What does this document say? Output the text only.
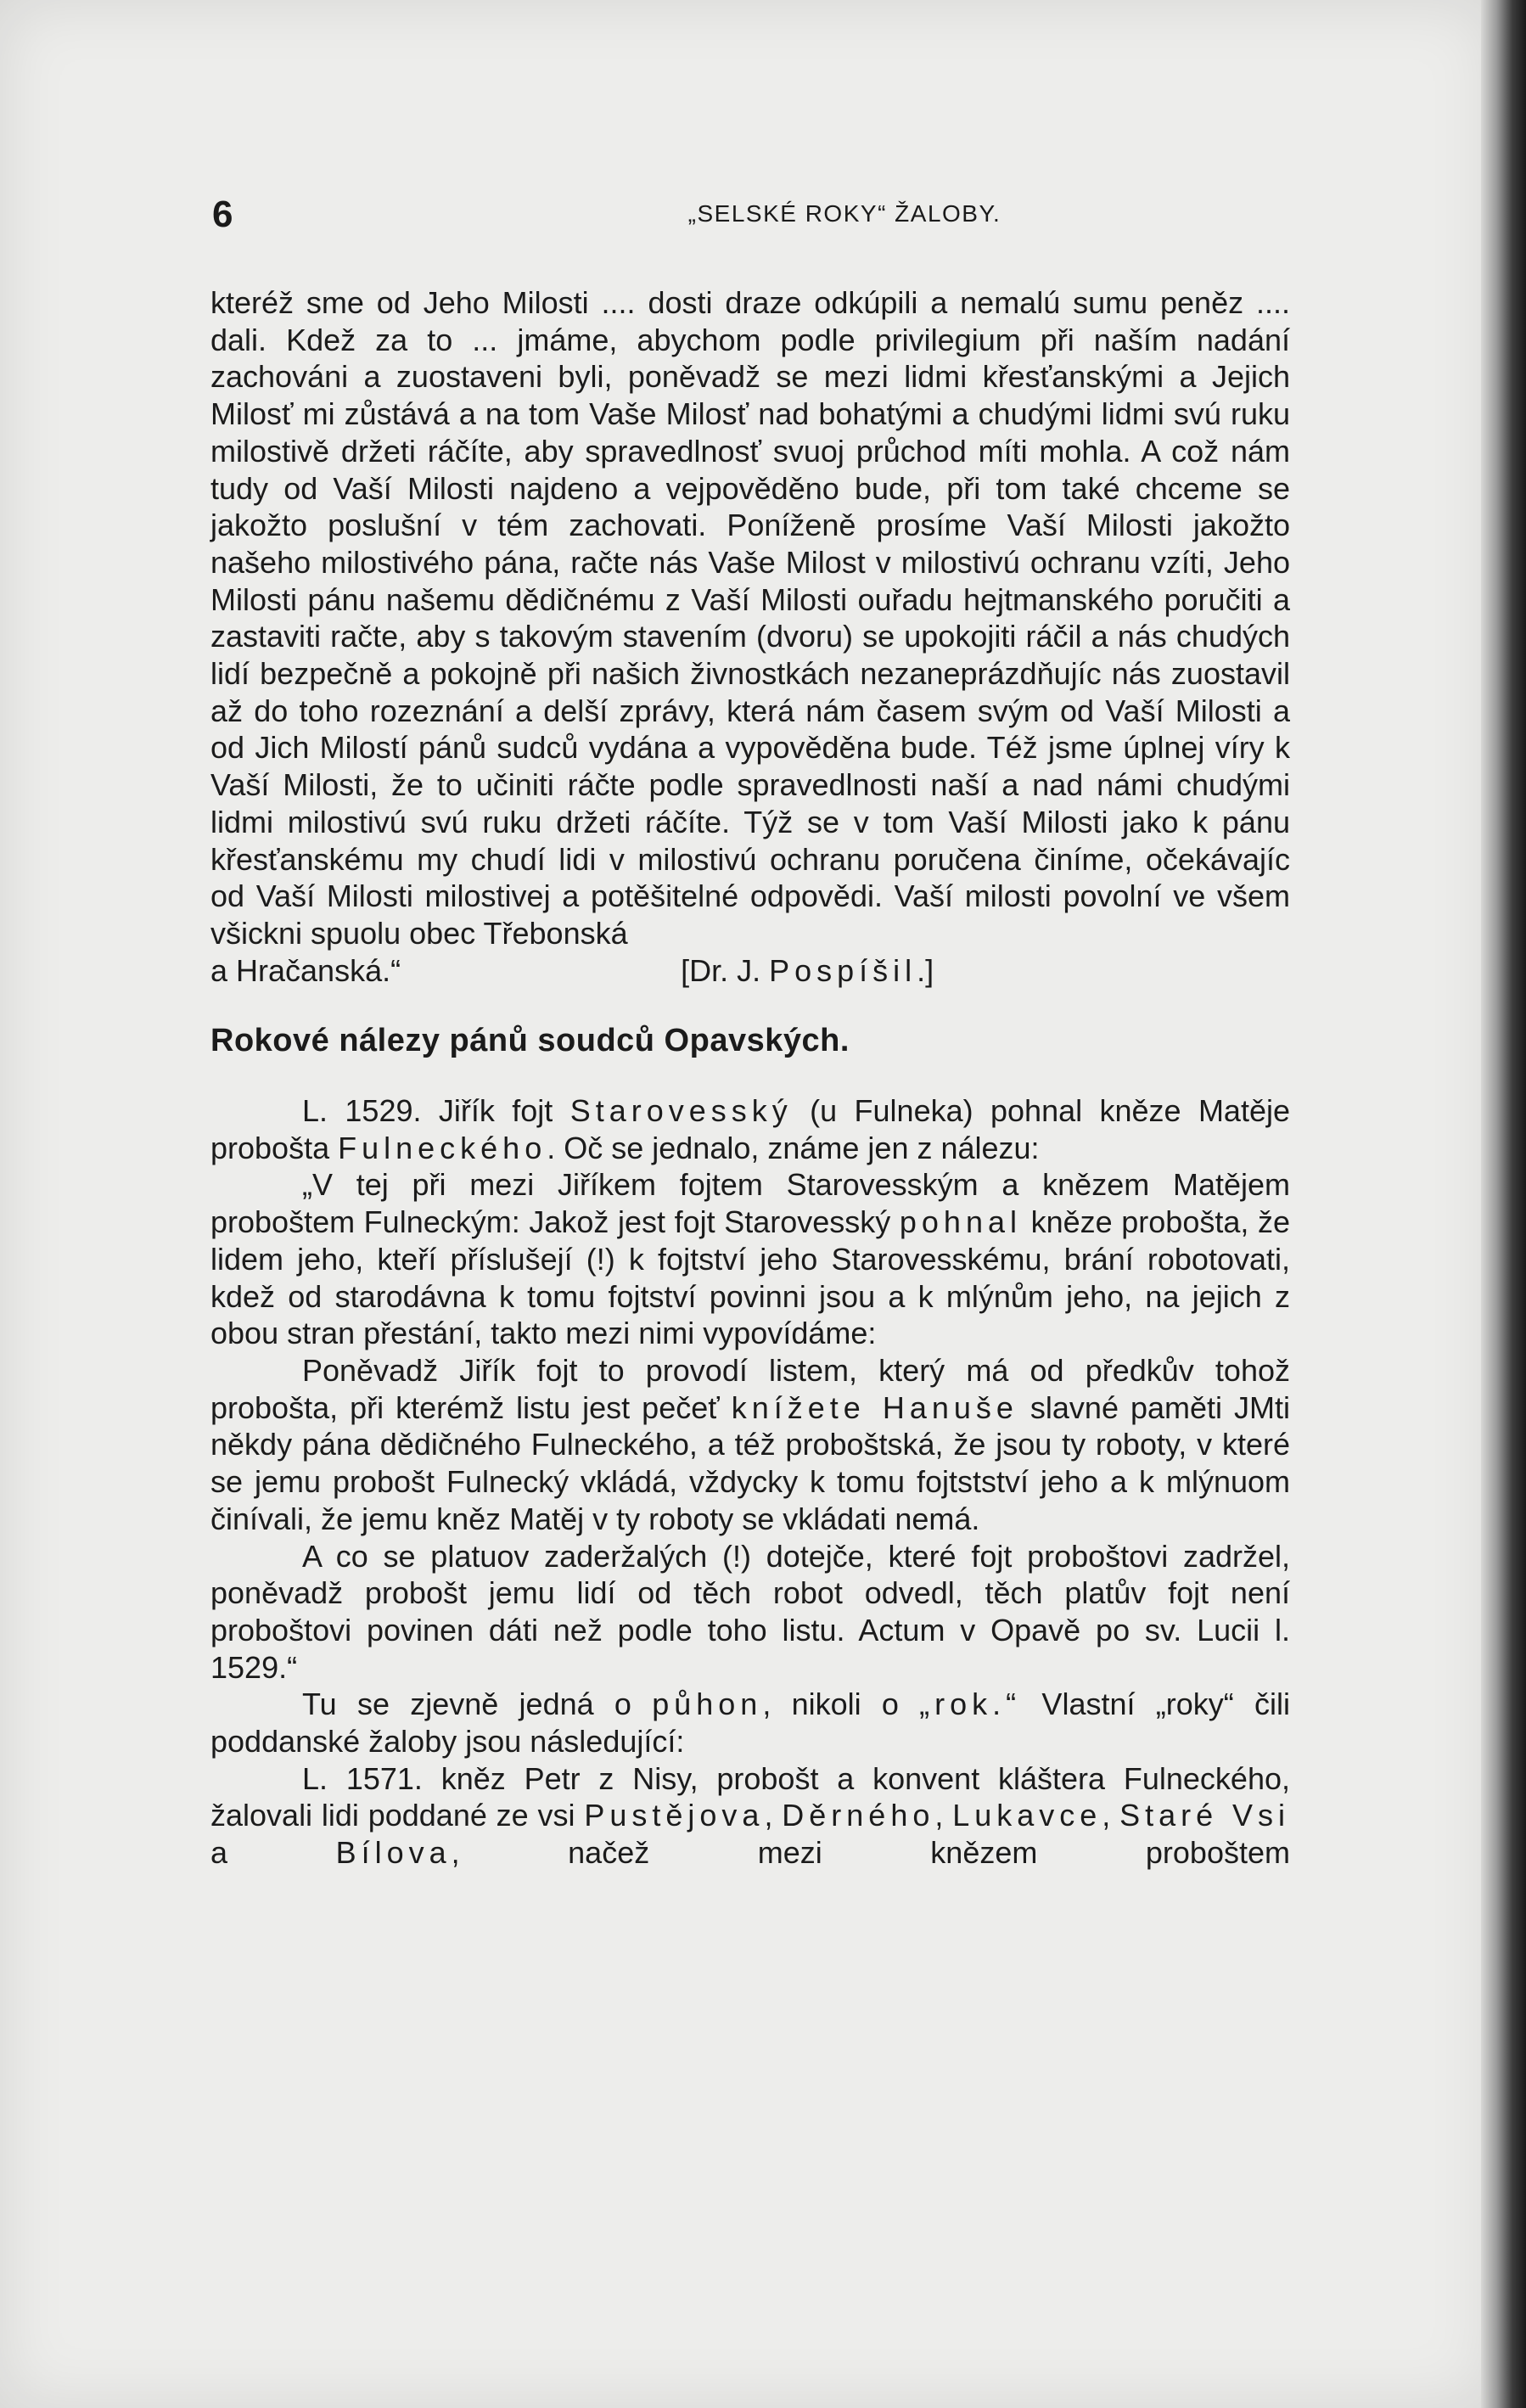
6	„SELSKÉ ROKY“ ŽALOBY.

kteréž sme od Jeho Milosti .... dosti draze odkúpili a nemalú sumu peněz .... dali. Kdež za to ... jmáme, abychom podle privilegium při naším nadání zachováni a zuostaveni byli, poněvadž se mezi lidmi křesťanskými a Jejich Milosť mi zůstává a na tom Vaše Milosť nad bohatými a chudými lidmi svú ruku milostivě držeti ráčíte, aby spravedlnosť svuoj průchod míti mohla. A což nám tudy od Vaší Milosti najdeno a vejpověděno bude, při tom také chceme se jakožto poslušní v tém zachovati. Poníženě prosíme Vaší Milosti jakožto našeho milostivého pána, račte nás Vaše Milost v milostivú ochranu vzíti, Jeho Milosti pánu našemu dědičnému z Vaší Milosti ouřadu hejtmanského poručiti a zastaviti račte, aby s takovým stavením (dvoru) se upokojiti ráčil a nás chudých lidí bezpečně a pokojně při našich živnostkách nezaneprázdňujíc nás zuostavil až do toho rozeznání a delší zprávy, která nám časem svým od Vaší Milosti a od Jich Milostí pánů sudců vydána a vypověděna bude. Též jsme úplnej víry k Vaší Milosti, že to učiniti ráčte podle spravedlnosti naší a nad námi chudými lidmi milostivú svú ruku držeti ráčíte. Týž se v tom Vaší Milosti jako k pánu křesťanskému my chudí lidi v milostivú ochranu poručena činíme, očekávajíc od Vaší Milosti milostivej a potěšitelné odpovědi. Vaší milosti povolní ve všem všickni spuolu obec Třebonská

a Hračanská.“	[Dr. J. Pospíšil.]

Rokové nálezy pánů soudců Opavských.

L. 1529. Jiřík fojt Starovesský (u Fulneka) pohnal kněze Matěje probošta Fulneckého. Oč se jednalo, známe jen z nálezu:

„V tej při mezi Jiříkem fojtem Starovesským a knězem Matějem proboštem Fulneckým: Jakož jest fojt Starovesský pohnal kněze probošta, že lidem jeho, kteří příslušejí (!) k fojtství jeho Starovesskému, brání robotovati, kdež od starodávna k tomu fojtství povinni jsou a k mlýnům jeho, na jejich z obou stran přestání, takto mezi nimi vypovídáme:

Poněvadž Jiřík fojt to provodí listem, který má od předkův tohož probošta, při kterémž listu jest pečeť knížete Hanuše slavné paměti JMti někdy pána dědičného Fulneckého, a též proboštská, že jsou ty roboty, v které se jemu probošt Fulnecký vkládá, vždycky k tomu fojtstství jeho a k mlýnuom činívali, že jemu kněz Matěj v ty roboty se vkládati nemá.

A co se platuov zaderžalých (!) dotejče, které fojt proboštovi zadržel, poněvadž probošt jemu lidí od těch robot odvedl, těch platův fojt není proboštovi povinen dáti než podle toho listu. Actum v Opavě po sv. Lucii l. 1529.“

Tu se zjevně jedná o půhon, nikoli o „rok.“ Vlastní „roky“ čili poddanské žaloby jsou následující:

L. 1571. kněz Petr z Nisy, probošt a konvent kláštera Fulneckého, žalovali lidi poddané ze vsi Pustějova, Děrného, Lukavce, Staré Vsi a Bílova, načež mezi knězem proboštem
